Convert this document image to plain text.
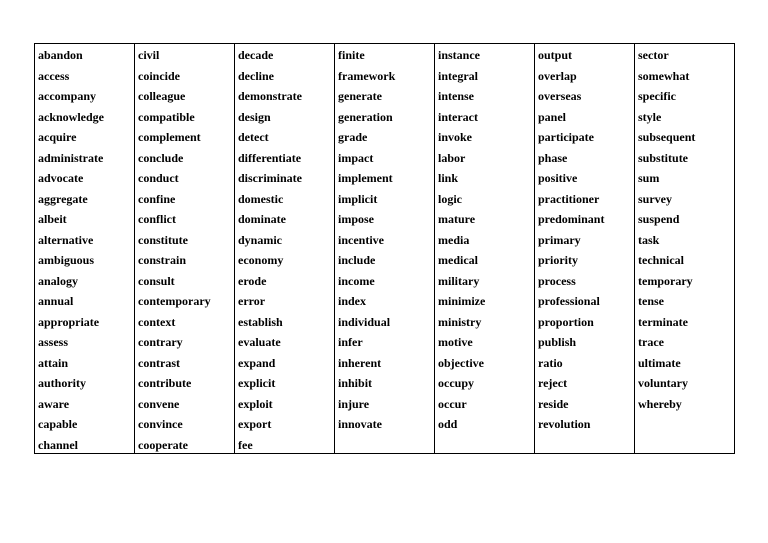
abandon
access
accompany
acknowledge
acquire
administrate
advocate
aggregate
albeit
alternative
ambiguous
analogy
annual
appropriate
assess
attain
authority
aware
capable
channel
civil
coincide
colleague
compatible
complement
conclude
conduct
confine
conflict
constitute
constrain
consult
contemporary
context
contrary
contrast
contribute
convene
convince
cooperate
decade
decline
demonstrate
design
detect
differentiate
discriminate
domestic
dominate
dynamic
economy
erode
error
establish
evaluate
expand
explicit
exploit
export
fee
finite
framework
generate
generation
grade
impact
implement
implicit
impose
incentive
include
income
index
individual
infer
inherent
inhibit
injure
innovate
instance
integral
intense
interact
invoke
labor
link
logic
mature
media
medical
military
minimize
ministry
motive
objective
occupy
occur
odd
output
overlap
overseas
panel
participate
phase
positive
practitioner
predominant
primary
priority
process
professional
proportion
publish
ratio
reject
reside
revolution
sector
somewhat
specific
style
subsequent
substitute
sum
survey
suspend
task
technical
temporary
tense
terminate
trace
ultimate
voluntary
whereby
